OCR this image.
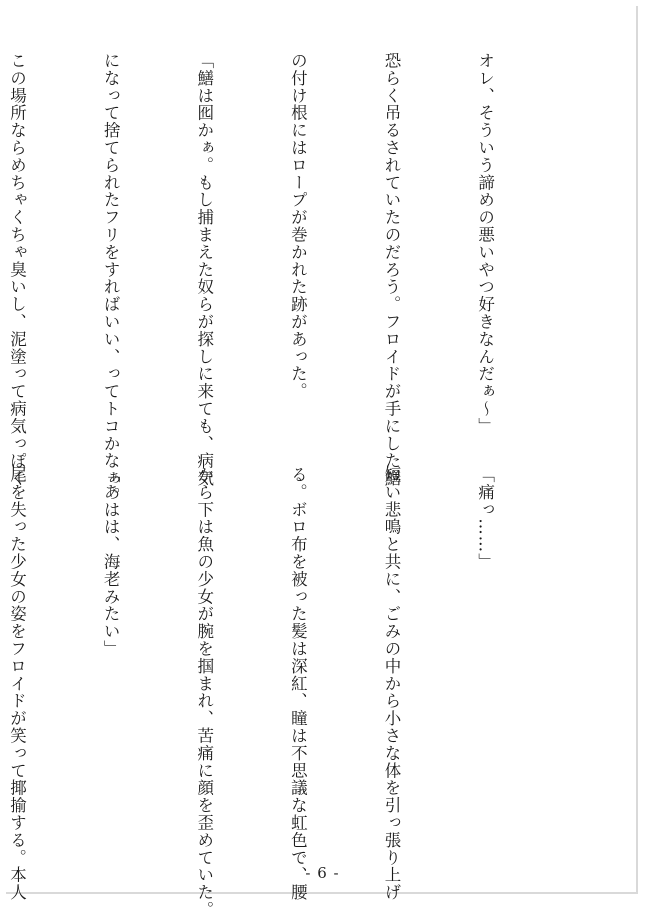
オレ、そういう諦めの悪いやつ好きなんだぁ～」

恐らく吊るされていたのだろう。フロイドが手にした鱔

の付け根にはロープが巻かれた跡があった。

「鱔は囮かぁ。もし捕まえた奴らが探しに来ても、病気

になって捨てられたフリをすればいい、ってトコかなぁ。

この場所ならめちゃくちゃ臭いし、泥塗って病気っぽく

「痛っ……」

短い悲鳴と共に、ごみの中から小さな体を引っ張り上げ

る。ボロ布を被った髪は深紅、瞳は不思議な虹色で、腰

から下は魚の少女が腕を掴まれ、苦痛に顔を歪めていた。

「あはは、海老みたい」

尾を失った少女の姿をフロイドが笑って揶揄する。本人

	- 6 -
